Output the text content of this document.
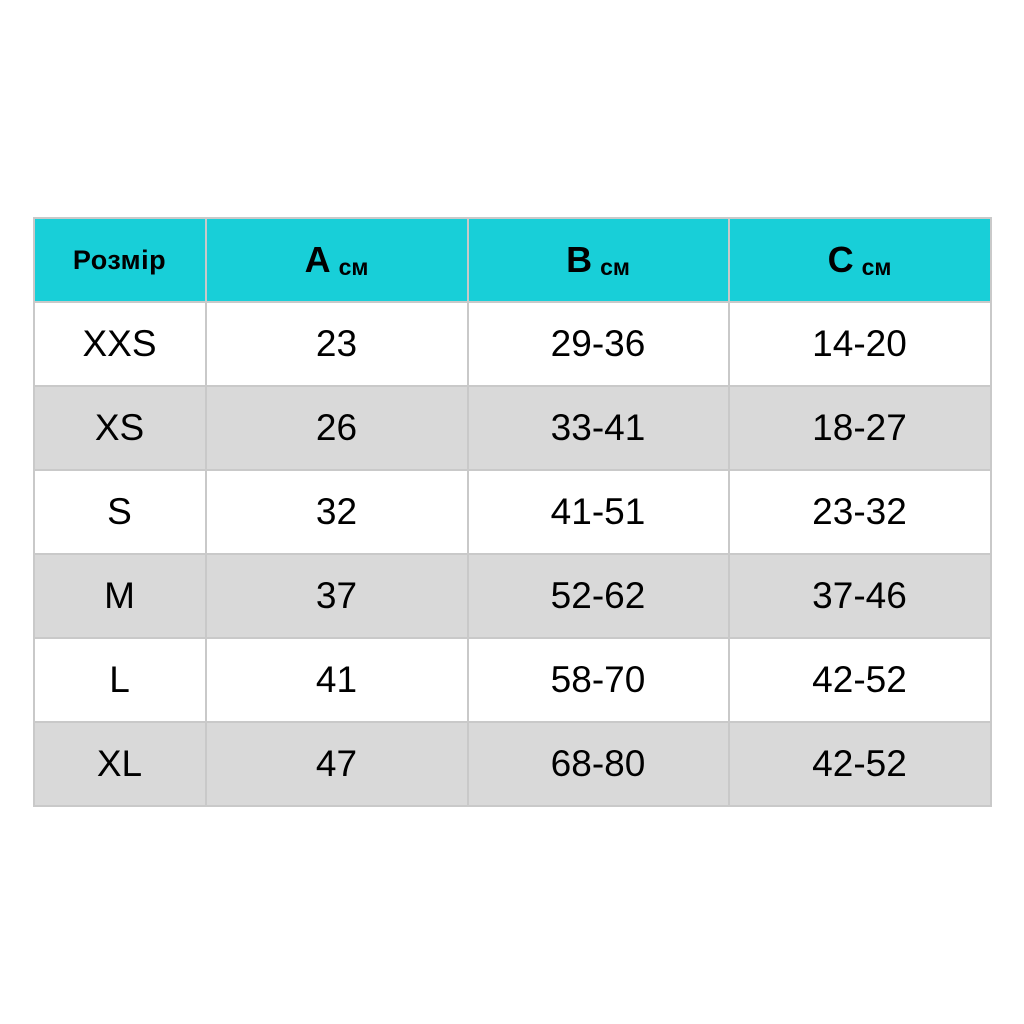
Розмір	A см	B см	C см
XXS	23	29-36	14-20
XS	26	33-41	18-27
S	32	41-51	23-32
M	37	52-62	37-46
L	41	58-70	42-52
XL	47	68-80	42-52
